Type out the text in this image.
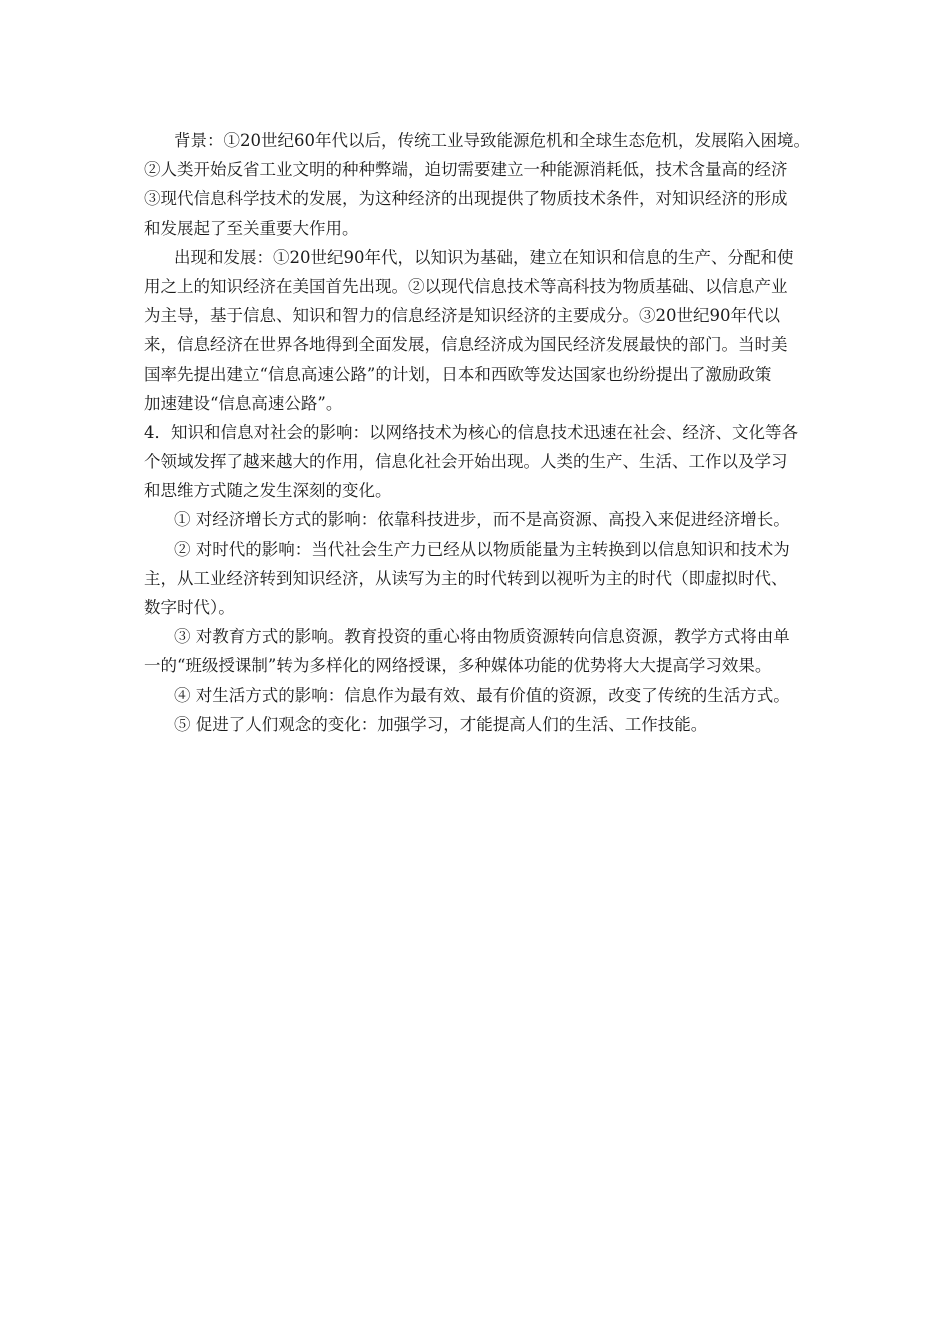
背景：①20世纪60年代以后，传统工业导致能源危机和全球生态危机，发展陷入困境。
②人类开始反省工业文明的种种弊端，迫切需要建立一种能源消耗低，技术含量高的经济
③现代信息科学技术的发展，为这种经济的出现提供了物质技术条件，对知识经济的形成
和发展起了至关重要大作用。
出现和发展：①20世纪90年代，以知识为基础，建立在知识和信息的生产、分配和使
用之上的知识经济在美国首先出现。②以现代信息技术等高科技为物质基础、以信息产业
为主导，基于信息、知识和智力的信息经济是知识经济的主要成分。③20世纪90年代以
来，信息经济在世界各地得到全面发展，信息经济成为国民经济发展最快的部门。当时美
国率先提出建立“信息高速公路”的计划，日本和西欧等发达国家也纷纷提出了激励政策
加速建设“信息高速公路”。
4．知识和信息对社会的影响：以网络技术为核心的信息技术迅速在社会、经济、文化等各
个领域发挥了越来越大的作用，信息化社会开始出现。人类的生产、生活、工作以及学习
和思维方式随之发生深刻的变化。
① 对经济增长方式的影响：依靠科技进步，而不是高资源、高投入来促进经济增长。
② 对时代的影响：当代社会生产力已经从以物质能量为主转换到以信息知识和技术为
主，从工业经济转到知识经济，从读写为主的时代转到以视听为主的时代（即虚拟时代、
数字时代）。
③ 对教育方式的影响。教育投资的重心将由物质资源转向信息资源，教学方式将由单
一的“班级授课制”转为多样化的网络授课，多种媒体功能的优势将大大提高学习效果。
④ 对生活方式的影响：信息作为最有效、最有价值的资源，改变了传统的生活方式。
⑤ 促进了人们观念的变化：加强学习，才能提高人们的生活、工作技能。
